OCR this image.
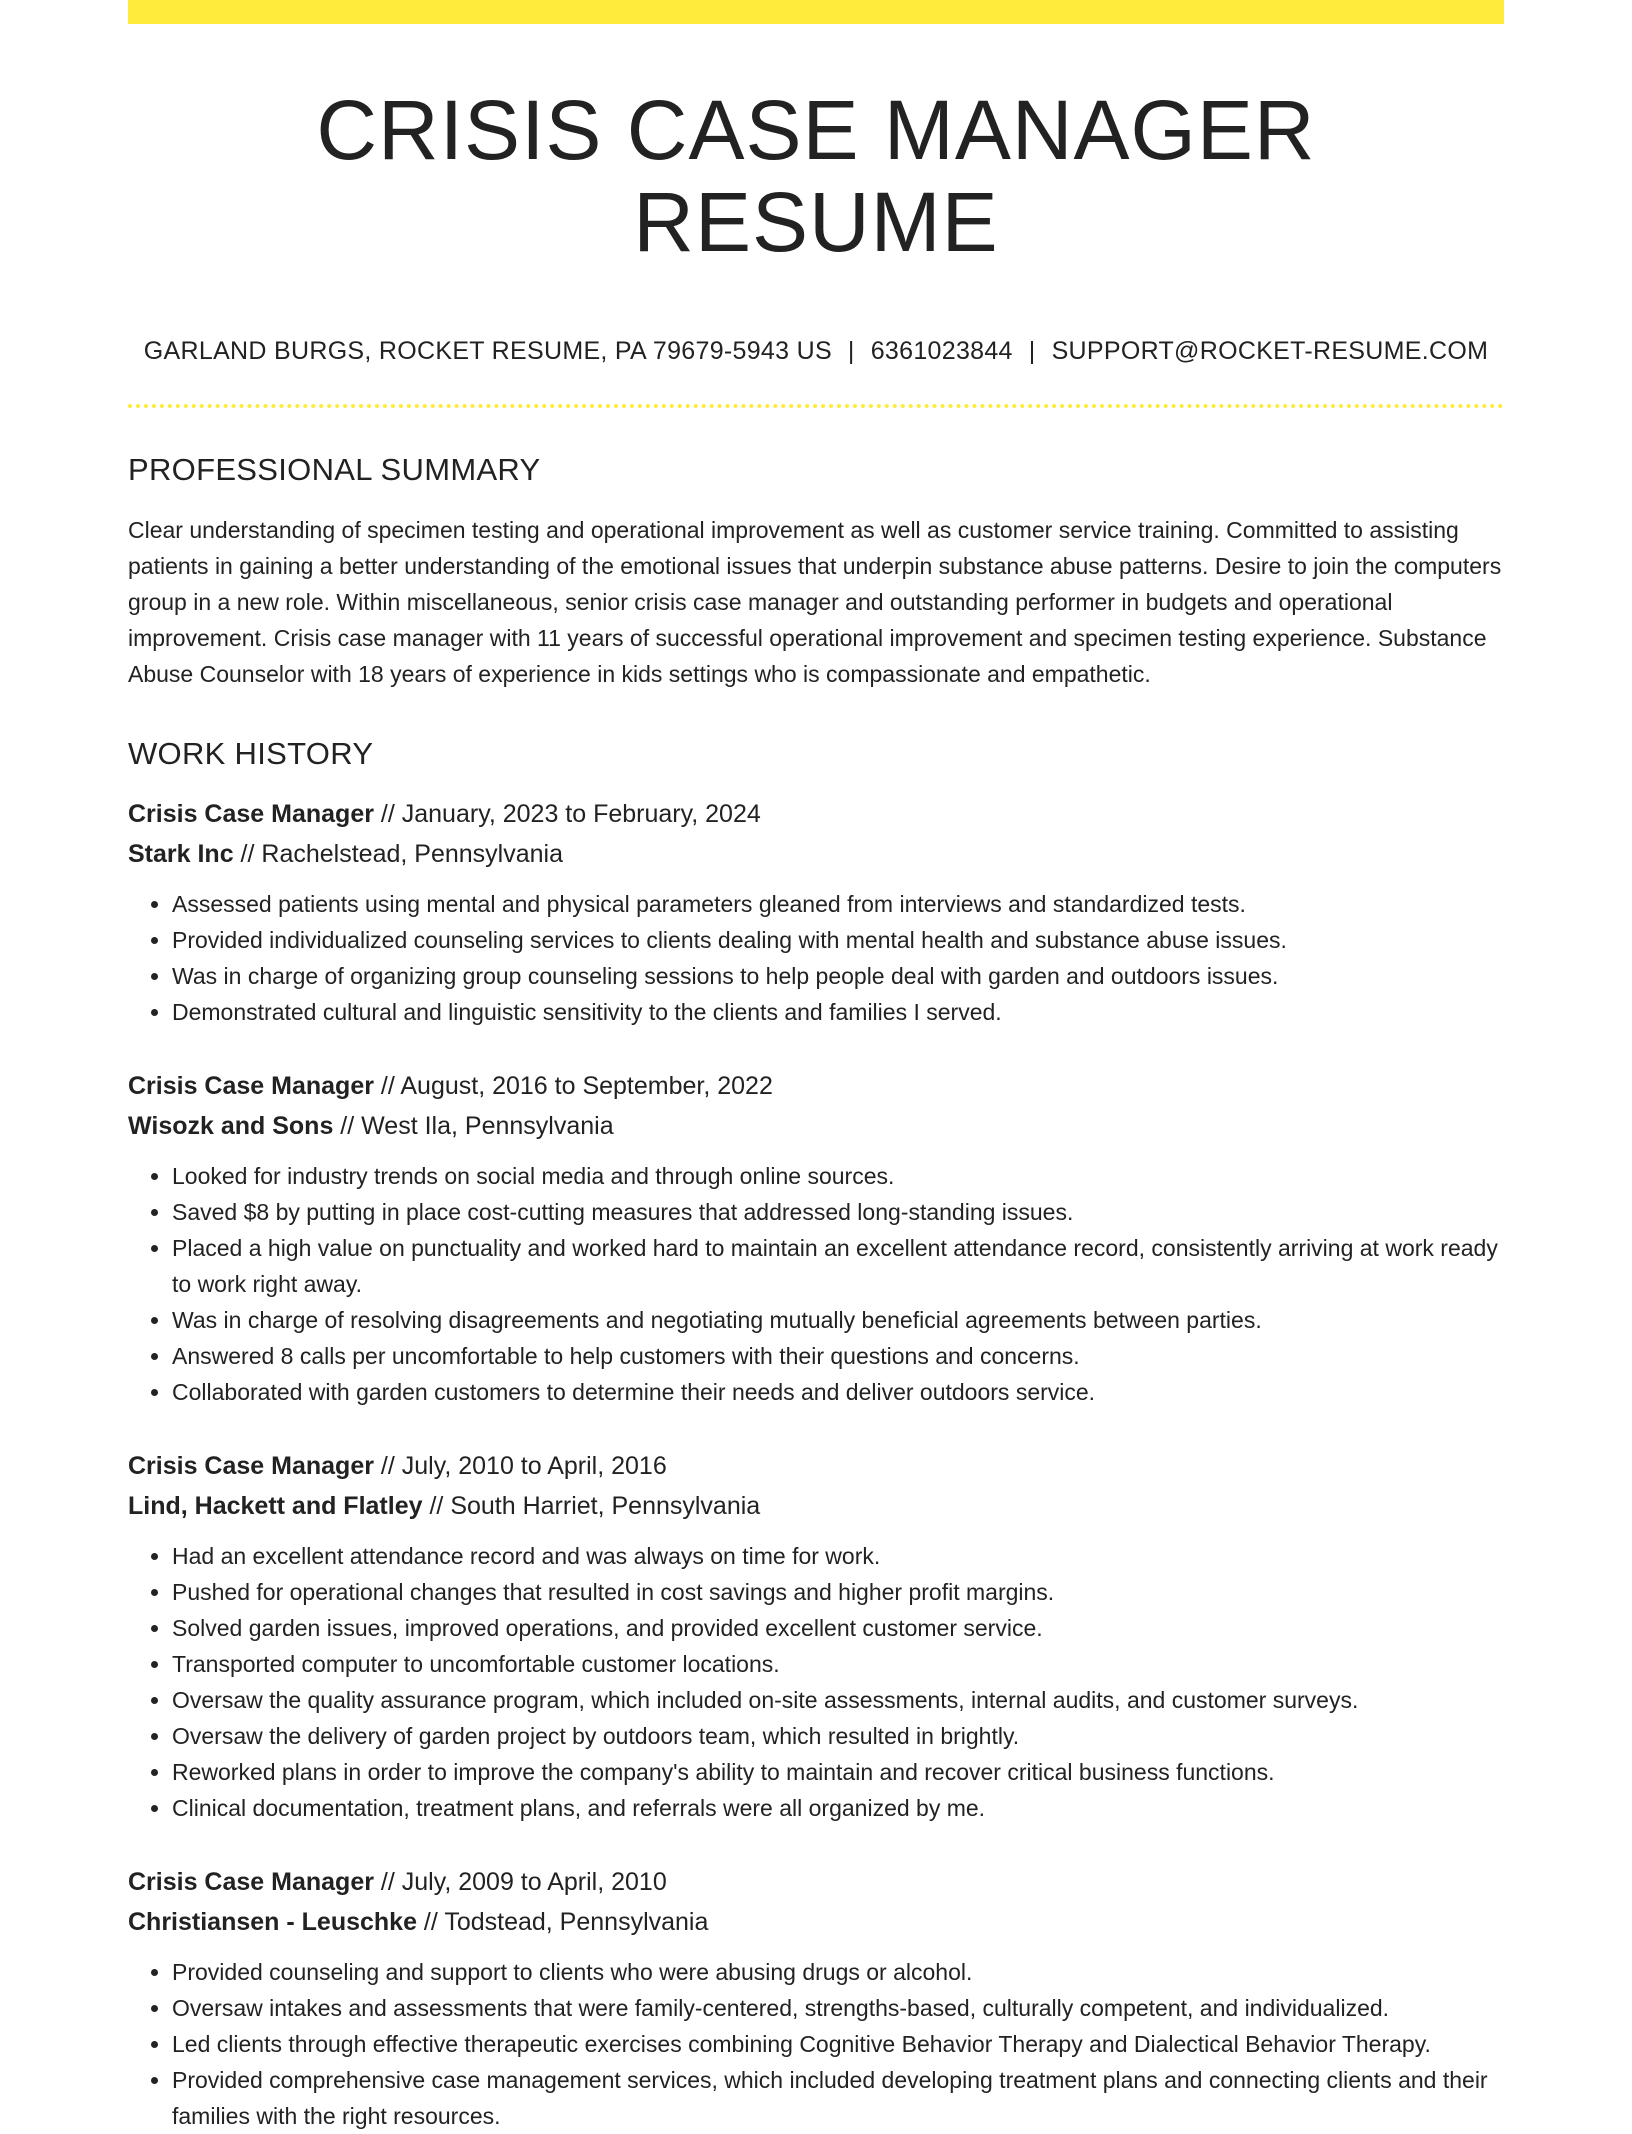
CRISIS CASE MANAGER RESUME
GARLAND BURGS, ROCKET RESUME, PA 79679-5943 US | 6361023844 | SUPPORT@ROCKET-RESUME.COM
PROFESSIONAL SUMMARY
Clear understanding of specimen testing and operational improvement as well as customer service training. Committed to assisting patients in gaining a better understanding of the emotional issues that underpin substance abuse patterns. Desire to join the computers group in a new role. Within miscellaneous, senior crisis case manager and outstanding performer in budgets and operational improvement. Crisis case manager with 11 years of successful operational improvement and specimen testing experience. Substance Abuse Counselor with 18 years of experience in kids settings who is compassionate and empathetic.
WORK HISTORY
Crisis Case Manager // January, 2023 to February, 2024
Stark Inc // Rachelstead, Pennsylvania
• Assessed patients using mental and physical parameters gleaned from interviews and standardized tests.
• Provided individualized counseling services to clients dealing with mental health and substance abuse issues.
• Was in charge of organizing group counseling sessions to help people deal with garden and outdoors issues.
• Demonstrated cultural and linguistic sensitivity to the clients and families I served.
Crisis Case Manager // August, 2016 to September, 2022
Wisozk and Sons // West Ila, Pennsylvania
• Looked for industry trends on social media and through online sources.
• Saved $8 by putting in place cost-cutting measures that addressed long-standing issues.
• Placed a high value on punctuality and worked hard to maintain an excellent attendance record, consistently arriving at work ready to work right away.
• Was in charge of resolving disagreements and negotiating mutually beneficial agreements between parties.
• Answered 8 calls per uncomfortable to help customers with their questions and concerns.
• Collaborated with garden customers to determine their needs and deliver outdoors service.
Crisis Case Manager // July, 2010 to April, 2016
Lind, Hackett and Flatley // South Harriet, Pennsylvania
• Had an excellent attendance record and was always on time for work.
• Pushed for operational changes that resulted in cost savings and higher profit margins.
• Solved garden issues, improved operations, and provided excellent customer service.
• Transported computer to uncomfortable customer locations.
• Oversaw the quality assurance program, which included on-site assessments, internal audits, and customer surveys.
• Oversaw the delivery of garden project by outdoors team, which resulted in brightly.
• Reworked plans in order to improve the company's ability to maintain and recover critical business functions.
• Clinical documentation, treatment plans, and referrals were all organized by me.
Crisis Case Manager // July, 2009 to April, 2010
Christiansen - Leuschke // Todstead, Pennsylvania
• Provided counseling and support to clients who were abusing drugs or alcohol.
• Oversaw intakes and assessments that were family-centered, strengths-based, culturally competent, and individualized.
• Led clients through effective therapeutic exercises combining Cognitive Behavior Therapy and Dialectical Behavior Therapy.
• Provided comprehensive case management services, which included developing treatment plans and connecting clients and their families with the right resources.
